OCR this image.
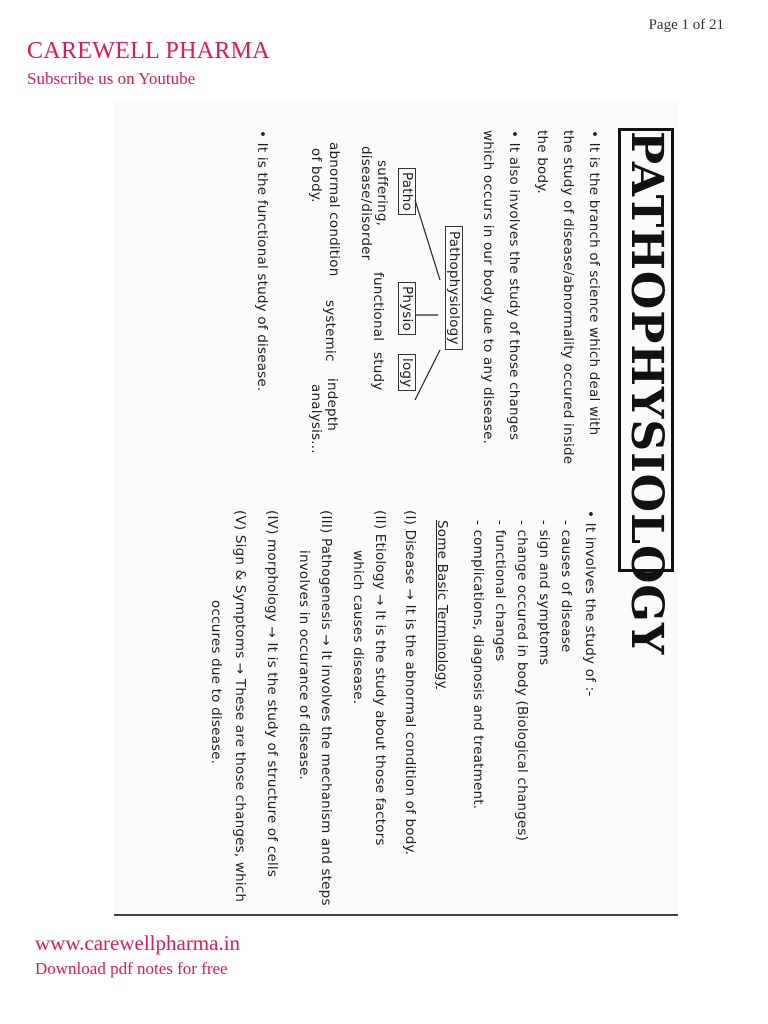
Page 1 of 21
CAREWELL PHARMA
Subscribe us on Youtube
PATHOPHYSIOLOGY
• It is the branch of science which deal with
the study of disease/abnormality occured inside
the body.
• It also involves the study of those changes
which occurs in our body due to any disease.
Pathophysiology
Patho
suffering,
disease/disorder
abnormal condition
of body.
Physio
functional
systemic
logy
study
indepth
analysis...
• It is the functional study of disease.
• It involves the study of :-
- causes of disease
- sign and symptoms
- change occured in body (Biological changes)
- functional changes
- complications, diagnosis and treatment.
Some Basic Terminology
(I) Disease → It is the abnormal condition of body.
(II) Etiology → It is the study about those factors
which causes disease.
(III) Pathogenesis → It involves the mechanism and steps
involves in occurance of disease.
(IV) morphology → It is the study of structure of cells
(V) Sign & Symptoms → These are those changes, which
occures due to disease.
www.carewellpharma.in
Download pdf notes for free
